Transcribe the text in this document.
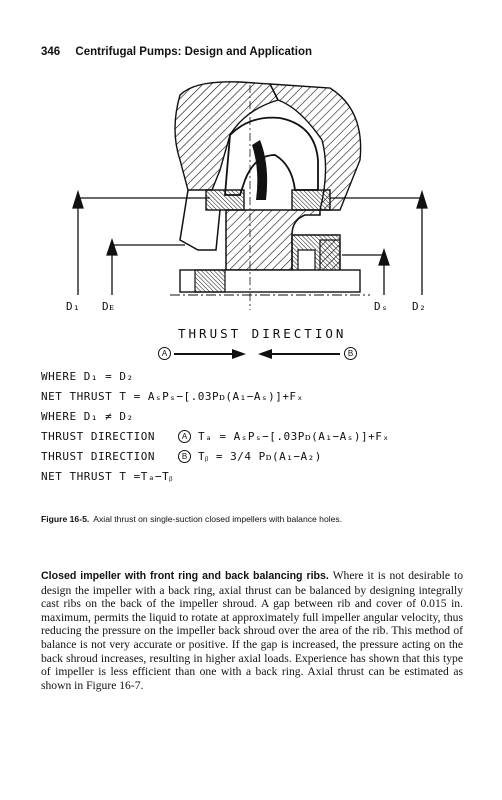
346 Centrifugal Pumps: Design and Application
D₁ Dᴇ	Dₛ D₂
THRUST DIRECTION
A	B
WHERE D₁ = D₂
NET THRUST T = AₛPₛ−[.03Pᴅ(A₁−Aₛ)]+Fₓ
WHERE D₁ ≠ D₂
THRUST DIRECTION	A Tₐ = AₛPₛ−[.03Pᴅ(A₁−Aₛ)]+Fₓ
THRUST DIRECTION	B Tᵦ = 3/4 Pᴅ(A₁−A₂)
NET THRUST T =Tₐ−Tᵦ
Figure 16-5. Axial thrust on single-suction closed impellers with balance holes.
Closed impeller with front ring and back balancing ribs. Where it is not desirable to design the impeller with a back ring, axial thrust can be balanced by designing integrally cast ribs on the back of the impeller shroud. A gap between rib and cover of 0.015 in. maximum, permits the liquid to rotate at approximately full impeller angular velocity, thus reducing the pressure on the impeller back shroud over the area of the rib. This method of balance is not very accurate or positive. If the gap is increased, the pressure acting on the back shroud increases, resulting in higher axial loads. Experience has shown that this type of impeller is less efficient than one with a back ring. Axial thrust can be estimated as shown in Figure 16-7.
